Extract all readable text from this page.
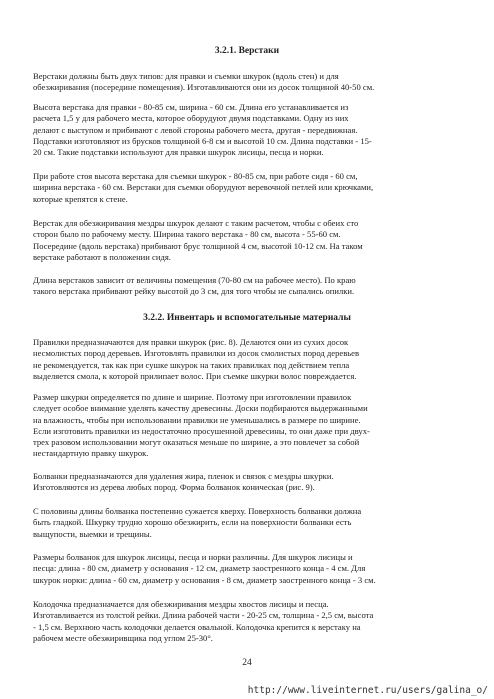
3.2.1. Верстаки
Верстаки должны быть двух типов: для правки и съемки шкурок (вдоль стен) и для
обезжиривания (посередине помещения). Изготавливаются они из досок толщиной 40-50 см.
Высота верстака для правки - 80-85 см, ширина - 60 см. Длина его устанавливается из
расчета 1,5 у для рабочего места, которое оборудуют двумя подставками. Одну из них
делают с выступом и прибивают с левой стороны рабочего места, другая - передвижная.
Подставки изготовляют из брусков толщиной 6-8 см и высотой 10 см. Длина подставки - 15-
20 см. Такие подставки используют для правки шкурок лисицы, песца и норки.
При работе стоя высота верстака для съемки шкурок - 80-85 см, при работе сидя - 60 см,
ширина верстака - 60 см. Верстаки для съемки оборудуют веревочной петлей или крючками,
которые крепятся к стене.
Верстак для обезжиривания мездры шкурок делают с таким расчетом, чтобы с обеих сто
сторон было по рабочему месту. Ширина такого верстака - 80 см, высота - 55-60 см.
Посередине (вдоль верстака) прибивают брус толщиной 4 см, высотой 10-12 см. На таком
верстаке работают в положении сидя.
Длина верстаков зависит от величины помещения (70-80 см на рабочее место). По краю
такого верстака прибивают рейку высотой до 3 см, для того чтобы не сыпались опилки.
3.2.2. Инвентарь и вспомогательные материалы
Правилки предназначаются для правки шкурок (рис. 8). Делаются они из сухих досок
несмолистых пород деревьев. Изготовлять правилки из досок смолистых пород деревьев
не рекомендуется, так как при сушке шкурок на таких правилках под действием тепла
выделяется смола, к которой прилипает волос. При съемке шкурки волос повреждается.
Размер шкурки определяется по длине и ширине. Поэтому при изготовлении правилок
следует особое внимание уделять качеству древесины. Доски подбираются выдержанными
на влажность, чтобы при использовании правилки не уменьшались в размере по ширине.
Если изготовить правилки из недостаточно просушенной древесины, то они даже при двух-
трех разовом использовании могут оказаться меньше по ширине, а это повлечет за собой
нестандартную правку шкурок.
Болванки предназначаются для удаления жира, пленок и связок с мездры шкурки.
Изготовляются из дерева любых пород. Форма болванок коническая (рис. 9).
С половины длины болванка постепенно сужается кверху. Поверхность болванки должна
быть гладкой. Шкурку трудно хорошо обезжирить, если на поверхности болванки есть
выщупости, выемки и трещины.
Размеры болванок для шкурок лисицы, песца и норки различны. Для шкурок лисицы и
песца: длина - 80 см, диаметр у основания - 12 см, диаметр заостренного конца - 4 см. Для
шкурок норки: длина - 60 см, диаметр у основания - 8 см, диаметр заостренного конца - 3 см.
Колодочка предназначается для обезжиривания мездры хвостов лисицы и песца.
Изготавливается из толстой рейки. Длина рабочей части - 20-25 см, толщина - 2,5 см, высота
- 1,5 см. Верхнюю часть колодочки делается овальной. Колодочка крепится к верстаку на
рабочем месте обезжиривщика под углом 25-30°.
24
http://www.liveinternet.ru/users/galina_o/
